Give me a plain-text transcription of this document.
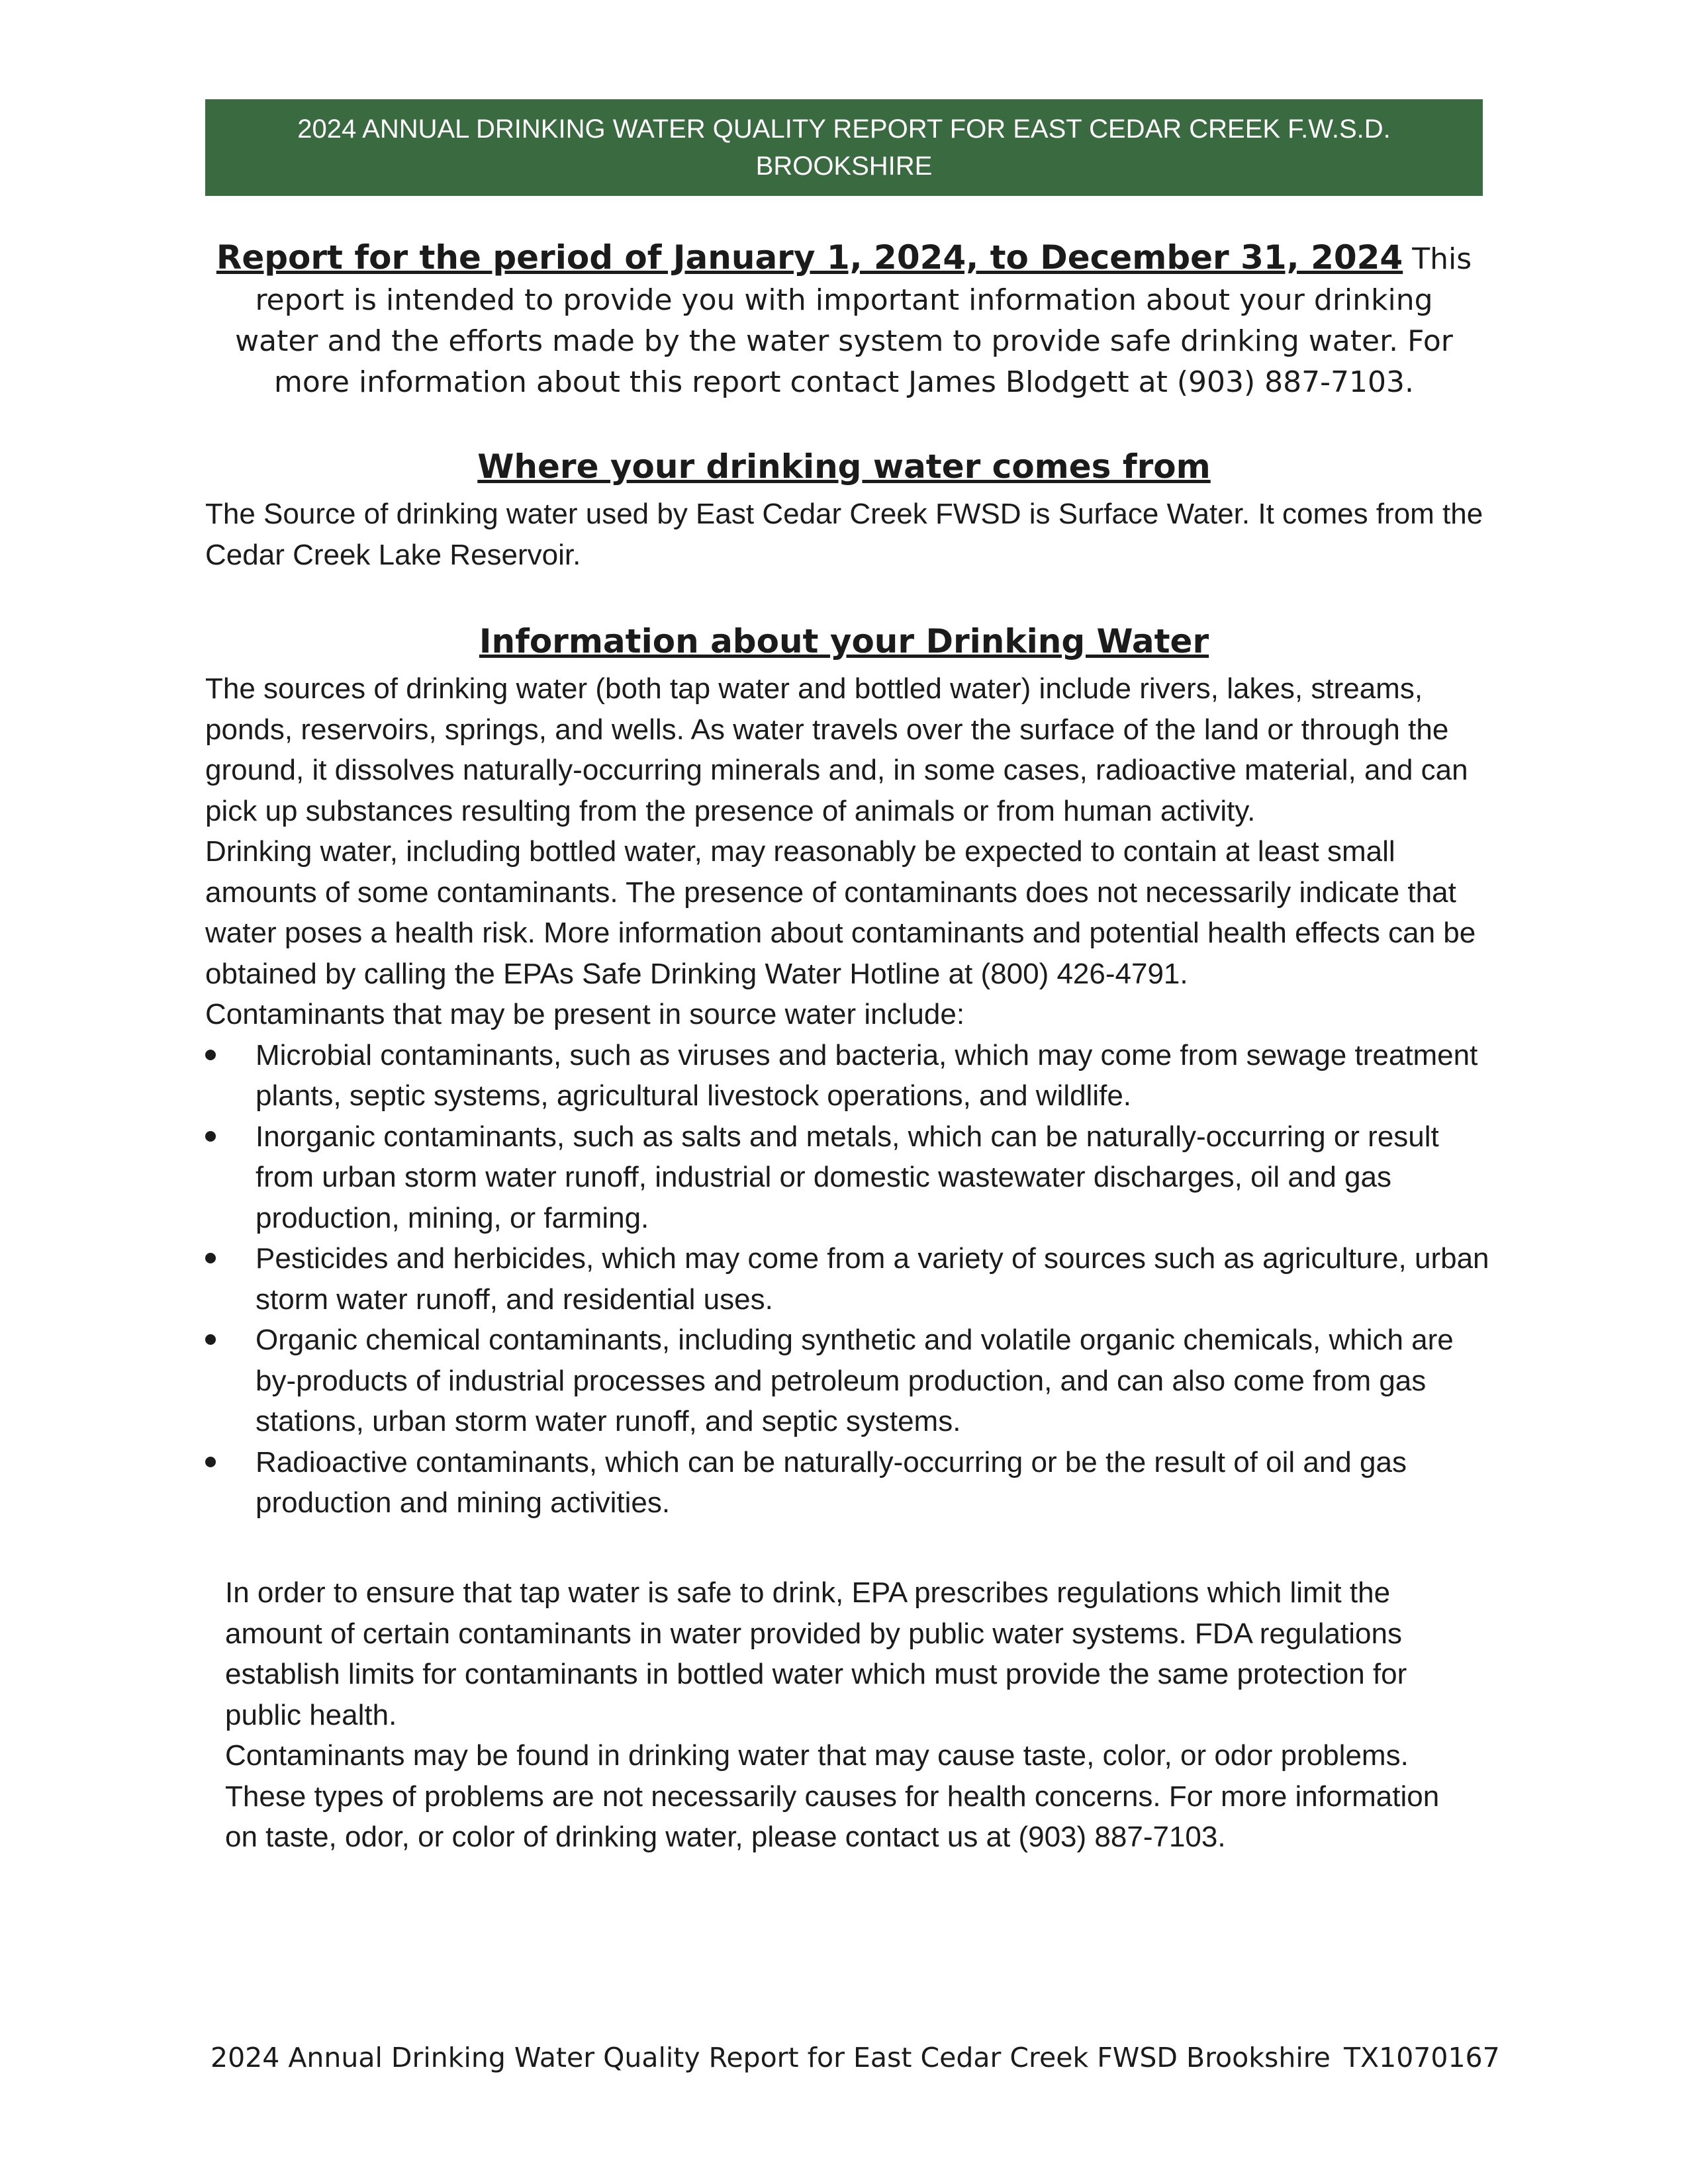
2024 ANNUAL DRINKING WATER QUALITY REPORT FOR EAST CEDAR CREEK F.W.S.D.
BROOKSHIRE
Report for the period of January 1, 2024, to December 31, 2024 This report is intended to provide you with important information about your drinking water and the efforts made by the water system to provide safe drinking water. For more information about this report contact James Blodgett at (903) 887-7103.
Where your drinking water comes from

The Source of drinking water used by East Cedar Creek FWSD is Surface Water. It comes from the Cedar Creek Lake Reservoir.

Information about your Drinking Water

The sources of drinking water (both tap water and bottled water) include rivers, lakes, streams, ponds, reservoirs, springs, and wells. As water travels over the surface of the land or through the ground, it dissolves naturally-occurring minerals and, in some cases, radioactive material, and can pick up substances resulting from the presence of animals or from human activity.

Drinking water, including bottled water, may reasonably be expected to contain at least small amounts of some contaminants. The presence of contaminants does not necessarily indicate that water poses a health risk. More information about contaminants and potential health effects can be obtained by calling the EPAs Safe Drinking Water Hotline at (800) 426-4791.

Contaminants that may be present in source water include:

Microbial contaminants, such as viruses and bacteria, which may come from sewage treatment plants, septic systems, agricultural livestock operations, and wildlife.
Inorganic contaminants, such as salts and metals, which can be naturally-occurring or result from urban storm water runoff, industrial or domestic wastewater discharges, oil and gas production, mining, or farming.
Pesticides and herbicides, which may come from a variety of sources such as agriculture, urban storm water runoff, and residential uses.
Organic chemical contaminants, including synthetic and volatile organic chemicals, which are by-products of industrial processes and petroleum production, and can also come from gas stations, urban storm water runoff, and septic systems.
Radioactive contaminants, which can be naturally-occurring or be the result of oil and gas production and mining activities.

In order to ensure that tap water is safe to drink, EPA prescribes regulations which limit the amount of certain contaminants in water provided by public water systems. FDA regulations establish limits for contaminants in bottled water which must provide the same protection for public health.

Contaminants may be found in drinking water that may cause taste, color, or odor problems. These types of problems are not necessarily causes for health concerns. For more information on taste, odor, or color of drinking water, please contact us at (903) 887-7103.

2024 Annual Drinking Water Quality Report for East Cedar Creek FWSD Brookshire TX1070167
